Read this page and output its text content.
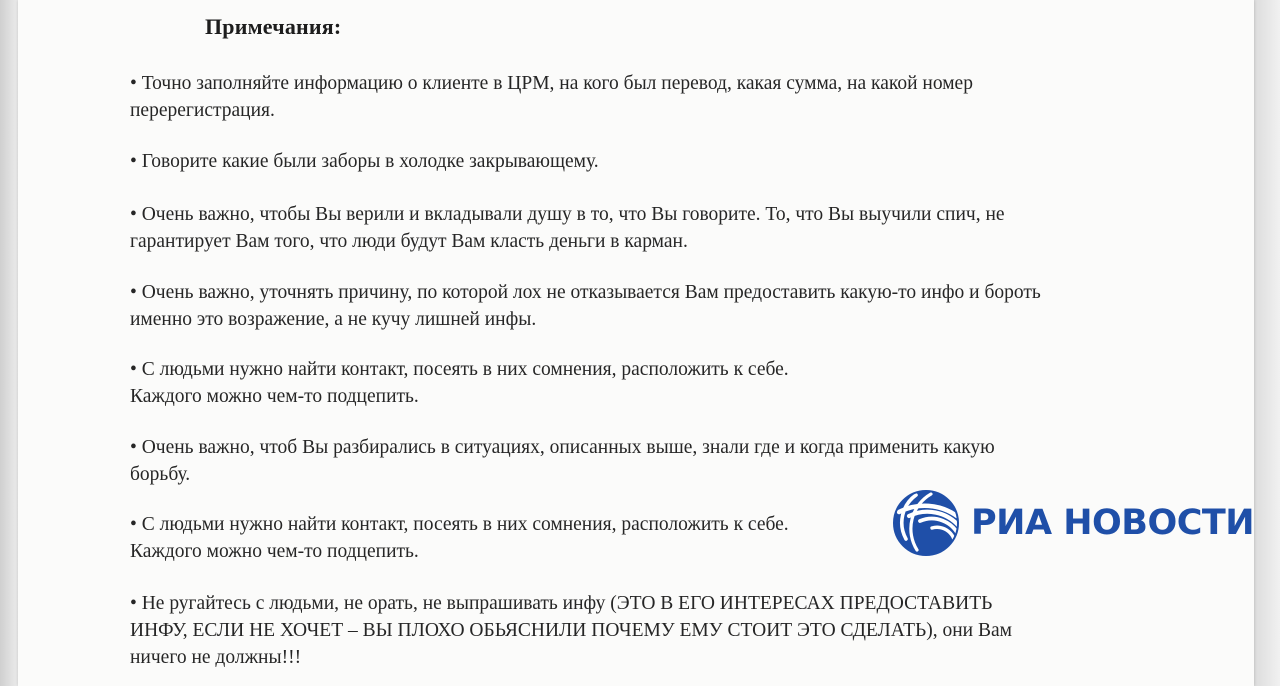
Примечания:

• Точно заполняйте информацию о клиенте в ЦРМ, на кого был перевод, какая сумма, на какой номер
перерегистрация.

• Говорите какие были заборы в холодке закрывающему.

• Очень важно, чтобы Вы верили и вкладывали душу в то, что Вы говорите. То, что Вы выучили спич, не
гарантирует Вам того, что люди будут Вам класть деньги в карман.

• Очень важно, уточнять причину, по которой лох не отказывается Вам предоставить какую-то инфо и бороть
именно это возражение, а не кучу лишней инфы.

• С людьми нужно найти контакт, посеять в них сомнения, расположить к себе.
Каждого можно чем-то подцепить.

• Очень важно, чтоб Вы разбирались в ситуациях, описанных выше, знали где и когда применить какую
борьбу.

• С людьми нужно найти контакт, посеять в них сомнения, расположить к себе.
Каждого можно чем-то подцепить.

• Не ругайтесь с людьми, не орать, не выпрашивать инфу (ЭТО В ЕГО ИНТЕРЕСАХ ПРЕДОСТАВИТЬ
ИНФУ, ЕСЛИ НЕ ХОЧЕТ – ВЫ ПЛОХО ОБЬЯСНИЛИ ПОЧЕМУ ЕМУ СТОИТ ЭТО СДЕЛАТЬ), они Вам
ничего не должны!!!

РИА НОВОСТИ
